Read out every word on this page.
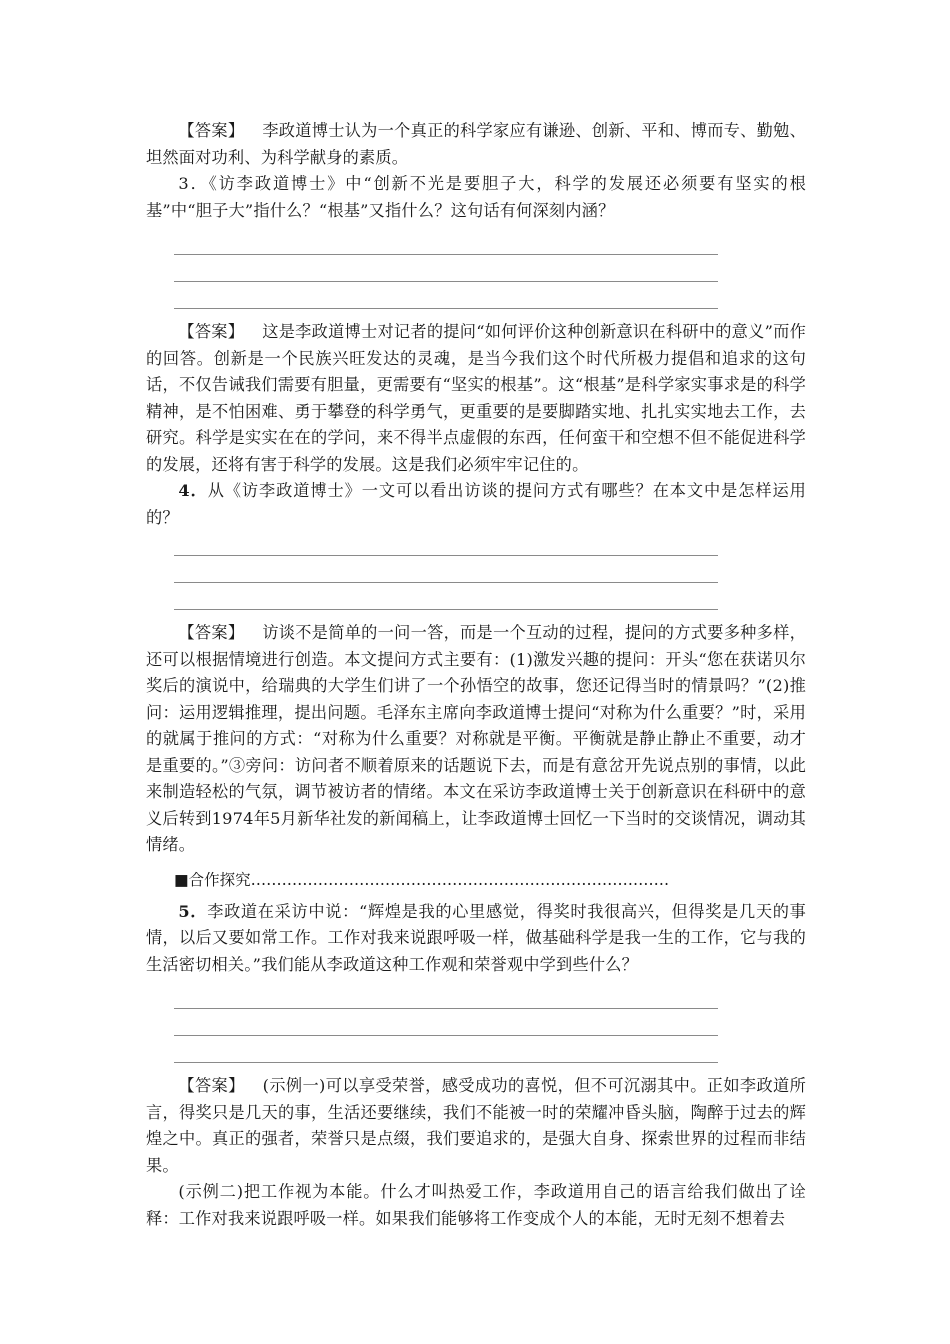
【答案】 李政道博士认为一个真正的科学家应有谦逊、创新、平和、博而专、勤勉、坦然面对功利、为科学献身的素质。

3．《访李政道博士》中“创新不光是要胆子大，科学的发展还必须要有坚实的根基”中“胆子大”指什么？“根基”又指什么？这句话有何深刻内涵？

【答案】 这是李政道博士对记者的提问“如何评价这种创新意识在科研中的意义”而作的回答。创新是一个民族兴旺发达的灵魂，是当今我们这个时代所极力提倡和追求的这句话，不仅告诫我们需要有胆量，更需要有“坚实的根基”。这“根基”是科学家实事求是的科学精神，是不怕困难、勇于攀登的科学勇气，更重要的是要脚踏实地、扎扎实实地去工作，去研究。科学是实实在在的学问，来不得半点虚假的东西，任何蛮干和空想不但不能促进科学的发展，还将有害于科学的发展。这是我们必须牢牢记住的。

4．从《访李政道博士》一文可以看出访谈的提问方式有哪些？在本文中是怎样运用的？

【答案】 访谈不是简单的一问一答，而是一个互动的过程，提问的方式要多种多样，还可以根据情境进行创造。本文提问方式主要有：(1)激发兴趣的提问：开头“您在获诺贝尔奖后的演说中，给瑞典的大学生们讲了一个孙悟空的故事，您还记得当时的情景吗？”(2)推问：运用逻辑推理，提出问题。毛泽东主席向李政道博士提问“对称为什么重要？”时，采用的就属于推问的方式：“对称为什么重要？对称就是平衡。平衡就是静止静止不重要，动才是重要的。”③旁问：访问者不顺着原来的话题说下去，而是有意岔开先说点别的事情，以此来制造轻松的气氛，调节被访者的情绪。本文在采访李政道博士关于创新意识在科研中的意义后转到1974年5月新华社发的新闻稿上，让李政道博士回忆一下当时的交谈情况，调动其情绪。

■合作探究………………………………………………………………………

5．李政道在采访中说：“辉煌是我的心里感觉，得奖时我很高兴，但得奖是几天的事情，以后又要如常工作。工作对我来说跟呼吸一样，做基础科学是我一生的工作，它与我的生活密切相关。”我们能从李政道这种工作观和荣誉观中学到些什么？

【答案】 (示例一)可以享受荣誉，感受成功的喜悦，但不可沉溺其中。正如李政道所言，得奖只是几天的事，生活还要继续，我们不能被一时的荣耀冲昏头脑，陶醉于过去的辉煌之中。真正的强者，荣誉只是点缀，我们要追求的，是强大自身、探索世界的过程而非结果。

(示例二)把工作视为本能。什么才叫热爱工作，李政道用自己的语言给我们做出了诠释：工作对我来说跟呼吸一样。如果我们能够将工作变成个人的本能，无时无刻不想着去
